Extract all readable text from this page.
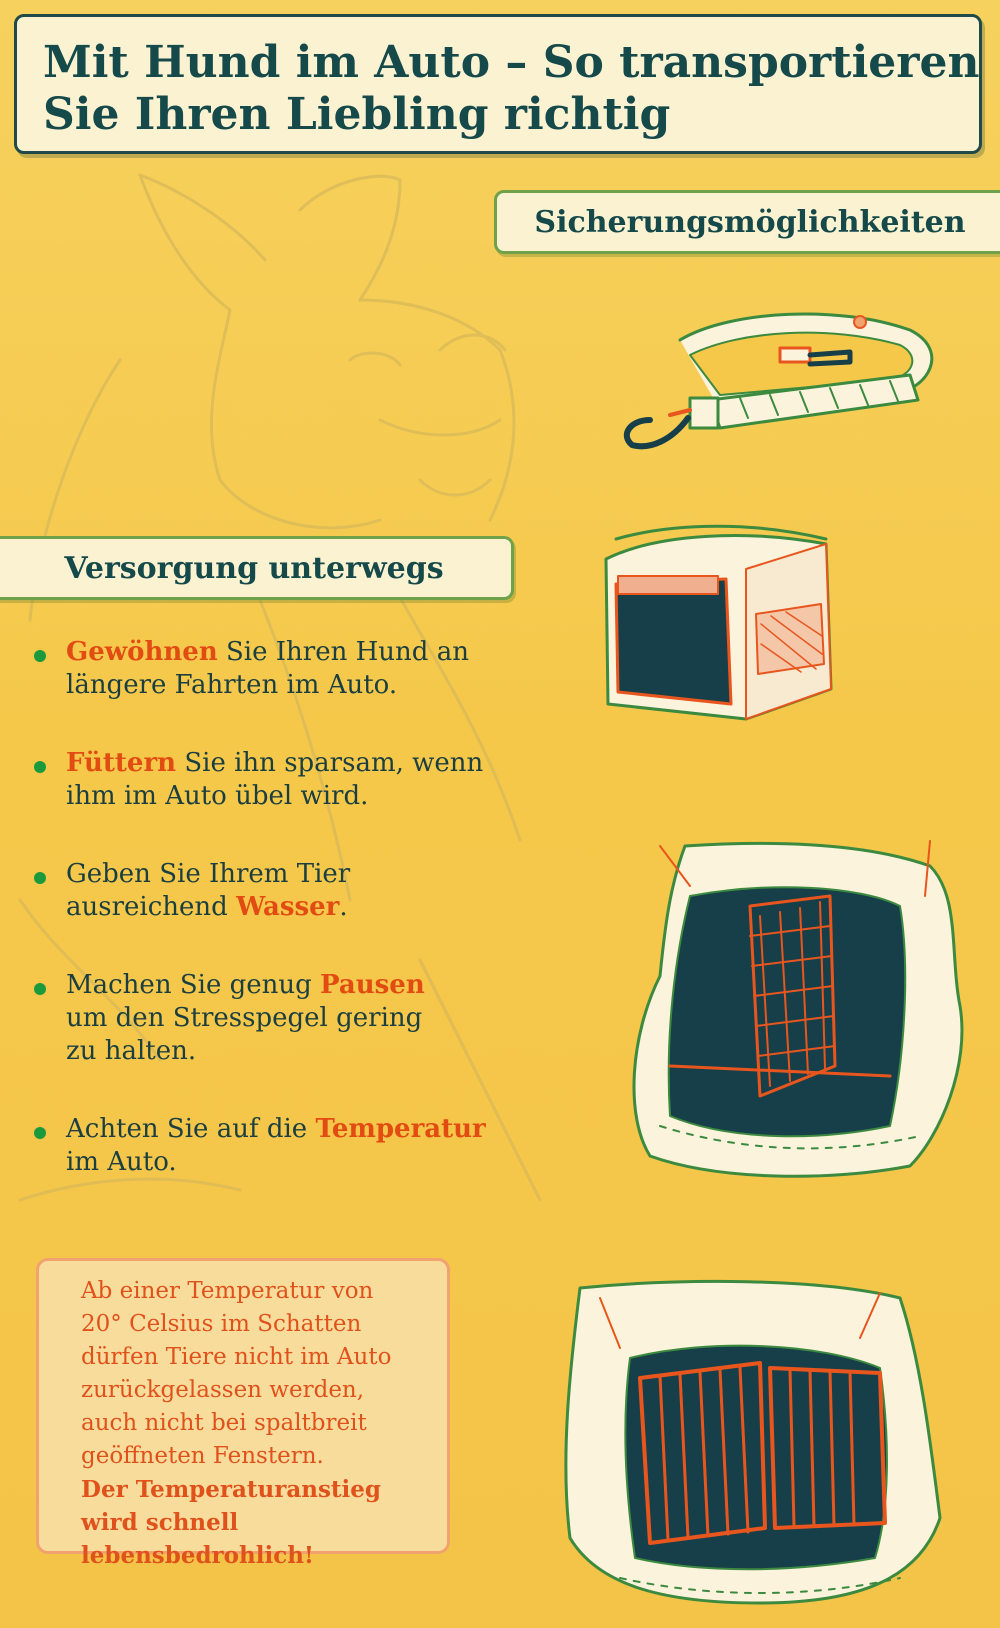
Mit Hund im Auto – So transportieren
Sie Ihren Liebling richtig
Sicherungsmöglichkeiten
Versorgung unterwegs
Gewöhnen Sie Ihren Hund an längere Fahrten im Auto.
Füttern Sie ihn sparsam, wenn ihm im Auto übel wird.
Geben Sie Ihrem Tier ausreichend Wasser.
Machen Sie genug Pausen um den Stresspegel gering zu halten.
Achten Sie auf die Temperatur im Auto.
Ab einer Temperatur von 20° Celsius im Schatten dürfen Tiere nicht im Auto zurückgelassen werden, auch nicht bei spaltbreit geöffneten Fenstern.
Der Temperaturanstieg wird schnell lebensbedrohlich!
